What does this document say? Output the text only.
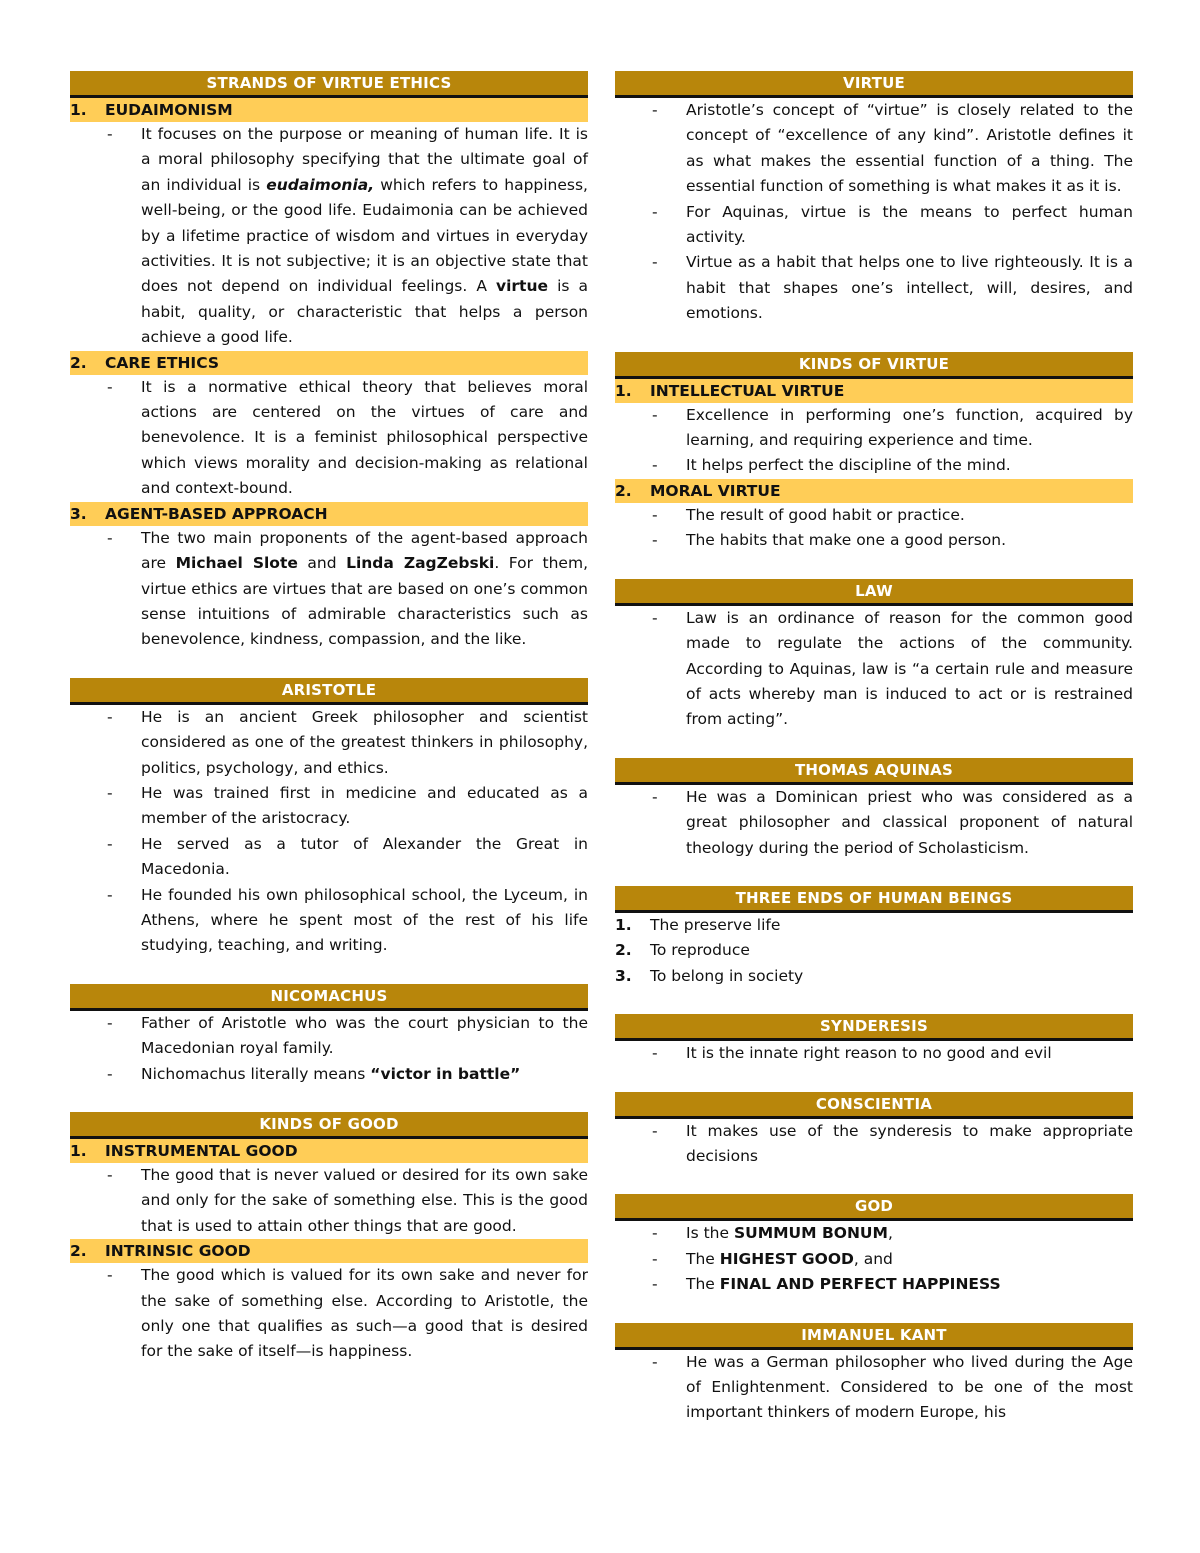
STRANDS OF VIRTUE ETHICS
1. EUDAIMONISM
- It focuses on the purpose or meaning of human life. It is a moral philosophy specifying that the ultimate goal of an individual is eudaimonia, which refers to happiness, well-being, or the good life. Eudaimonia can be achieved by a lifetime practice of wisdom and virtues in everyday activities. It is not subjective; it is an objective state that does not depend on individual feelings. A virtue is a habit, quality, or characteristic that helps a person achieve a good life.
2. CARE ETHICS
- It is a normative ethical theory that believes moral actions are centered on the virtues of care and benevolence. It is a feminist philosophical perspective which views morality and decision-making as relational and context-bound.
3. AGENT-BASED APPROACH
- The two main proponents of the agent-based approach are Michael Slote and Linda ZagZebski. For them, virtue ethics are virtues that are based on one’s common sense intuitions of admirable characteristics such as benevolence, kindness, compassion, and the like.
ARISTOTLE
- He is an ancient Greek philosopher and scientist considered as one of the greatest thinkers in philosophy, politics, psychology, and ethics.
- He was trained first in medicine and educated as a member of the aristocracy.
- He served as a tutor of Alexander the Great in Macedonia.
- He founded his own philosophical school, the Lyceum, in Athens, where he spent most of the rest of his life studying, teaching, and writing.
NICOMACHUS
- Father of Aristotle who was the court physician to the Macedonian royal family.
- Nichomachus literally means “victor in battle”
KINDS OF GOOD
1. INSTRUMENTAL GOOD
- The good that is never valued or desired for its own sake and only for the sake of something else. This is the good that is used to attain other things that are good.
2. INTRINSIC GOOD
- The good which is valued for its own sake and never for the sake of something else. According to Aristotle, the only one that qualifies as such—a good that is desired for the sake of itself—is happiness.
VIRTUE
- Aristotle’s concept of “virtue” is closely related to the concept of “excellence of any kind”. Aristotle defines it as what makes the essential function of a thing. The essential function of something is what makes it as it is.
- For Aquinas, virtue is the means to perfect human activity.
- Virtue as a habit that helps one to live righteously. It is a habit that shapes one’s intellect, will, desires, and emotions.
KINDS OF VIRTUE
1. INTELLECTUAL VIRTUE
- Excellence in performing one’s function, acquired by learning, and requiring experience and time.
- It helps perfect the discipline of the mind.
2. MORAL VIRTUE
- The result of good habit or practice.
- The habits that make one a good person.
LAW
- Law is an ordinance of reason for the common good made to regulate the actions of the community. According to Aquinas, law is “a certain rule and measure of acts whereby man is induced to act or is restrained from acting”.
THOMAS AQUINAS
- He was a Dominican priest who was considered as a great philosopher and classical proponent of natural theology during the period of Scholasticism.
THREE ENDS OF HUMAN BEINGS
1. The preserve life
2. To reproduce
3. To belong in society
SYNDERESIS
- It is the innate right reason to no good and evil
CONSCIENTIA
- It makes use of the synderesis to make appropriate decisions
GOD
- Is the SUMMUM BONUM,
- The HIGHEST GOOD, and
- The FINAL AND PERFECT HAPPINESS
IMMANUEL KANT
- He was a German philosopher who lived during the Age of Enlightenment. Considered to be one of the most important thinkers of modern Europe, his
